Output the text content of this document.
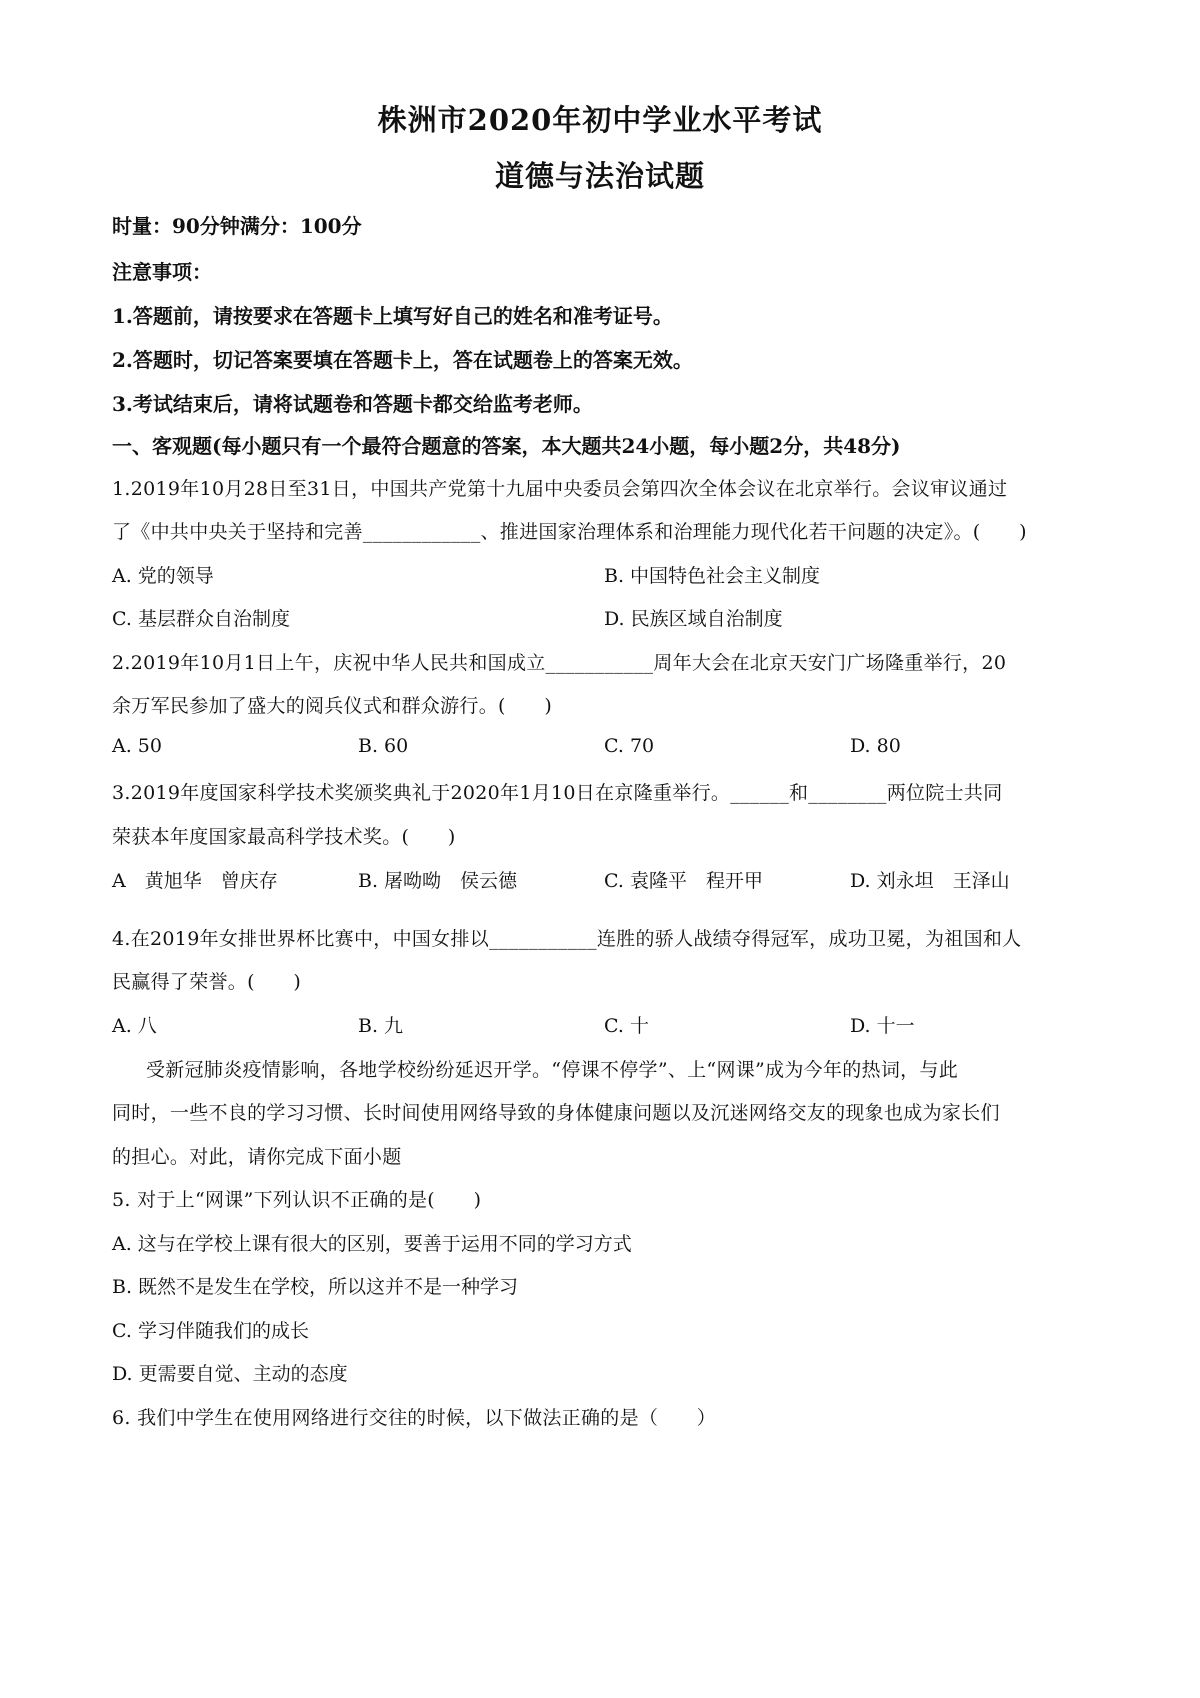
株洲市2020年初中学业水平考试
道德与法治试题
时量：90分钟满分：100分
注意事项：
1.答题前，请按要求在答题卡上填写好自己的姓名和准考证号。
2.答题时，切记答案要填在答题卡上，答在试题卷上的答案无效。
3.考试结束后，请将试题卷和答题卡都交给监考老师。
一、客观题(每小题只有一个最符合题意的答案，本大题共24小题，每小题2分，共48分)
1.2019年10月28日至31日，中国共产党第十九届中央委员会第四次全体会议在北京举行。会议审议通过
了《中共中央关于坚持和完善____________、推进国家治理体系和治理能力现代化若干问题的决定》。(　　)
A. 党的领导	B. 中国特色社会主义制度
C. 基层群众自治制度	D. 民族区域自治制度
2.2019年10月1日上午，庆祝中华人民共和国成立___________周年大会在北京天安门广场隆重举行，20
余万军民参加了盛大的阅兵仪式和群众游行。(　　)
A. 50	B. 60	C. 70	D. 80
3.2019年度国家科学技术奖颁奖典礼于2020年1月10日在京隆重举行。______和________两位院士共同
荣获本年度国家最高科学技术奖。(　　)
A　黄旭华　曾庆存	B. 屠呦呦　侯云德	C. 袁隆平　程开甲	D. 刘永坦　王泽山
4.在2019年女排世界杯比赛中，中国女排以___________连胜的骄人战绩夺得冠军，成功卫冕，为祖国和人
民赢得了荣誉。(　　)
A. 八	B. 九	C. 十	D. 十一
受新冠肺炎疫情影响，各地学校纷纷延迟开学。“停课不停学”、上“网课”成为今年的热词，与此
同时，一些不良的学习习惯、长时间使用网络导致的身体健康问题以及沉迷网络交友的现象也成为家长们
的担心。对此，请你完成下面小题
5. 对于上“网课”下列认识不正确的是(　　)
A. 这与在学校上课有很大的区别，要善于运用不同的学习方式
B. 既然不是发生在学校，所以这并不是一种学习
C. 学习伴随我们的成长
D. 更需要自觉、主动的态度
6. 我们中学生在使用网络进行交往的时候，以下做法正确的是（　　）
